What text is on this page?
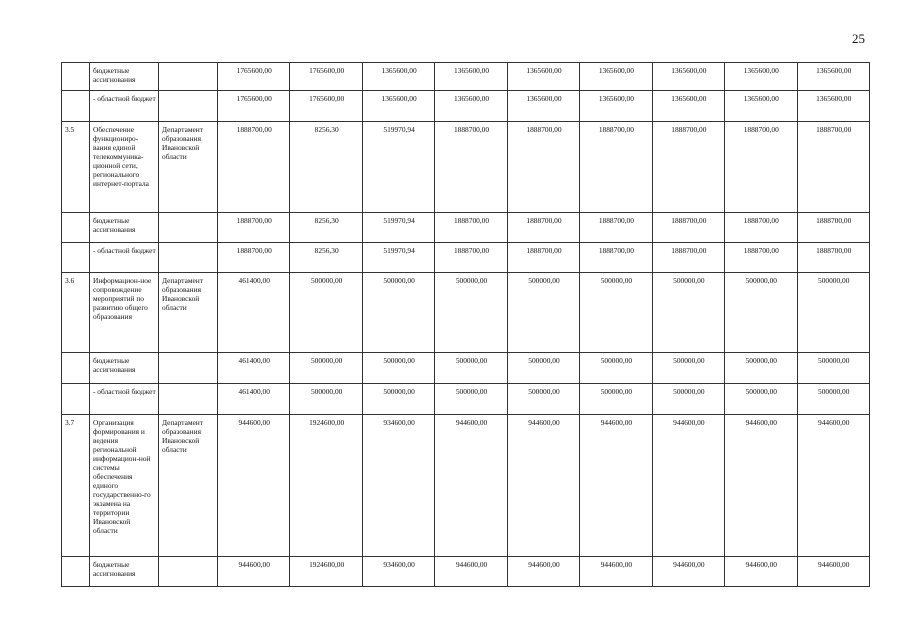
25
	бюджетные ассигнования		1765600,00	1765600,00	1365600,00	1365600,00	1365600,00	1365600,00	1365600,00	1365600,00	1365600,00
	- областной бюджет		1765600,00	1765600,00	1365600,00	1365600,00	1365600,00	1365600,00	1365600,00	1365600,00	1365600,00
3.5	Обеспечение функциониро-вания единой телекоммуника-ционной сети, регионального интернет-портала	Департамент образования Ивановской области	1888700,00	8256,30	519970,94	1888700,00	1888700,00	1888700,00	1888700,00	1888700,00	1888700,00
	бюджетные ассигнования		1888700,00	8256,30	519970,94	1888700,00	1888700,00	1888700,00	1888700,00	1888700,00	1888700,00
	- областной бюджет		1888700,00	8256,30	519970,94	1888700,00	1888700,00	1888700,00	1888700,00	1888700,00	1888700,00
3.6	Информацион-ное сопровождение мероприятий по развитию общего образования	Департамент образования Ивановской области	461400,00	500000,00	500000,00	500000,00	500000,00	500000,00	500000,00	500000,00	500000,00
	бюджетные ассигнования		461400,00	500000,00	500000,00	500000,00	500000,00	500000,00	500000,00	500000,00	500000,00
	- областной бюджет		461400,00	500000,00	500000,00	500000,00	500000,00	500000,00	500000,00	500000,00	500000,00
3.7	Организация формирования и ведения региональной информацион-ной системы обеспечения единого государственно-го экзамена на территории Ивановской области	Департамент образования Ивановской области	944600,00	1924600,00	934600,00	944600,00	944600,00	944600,00	944600,00	944600,00	944600,00
	бюджетные ассигнования		944600,00	1924600,00	934600,00	944600,00	944600,00	944600,00	944600,00	944600,00	944600,00
